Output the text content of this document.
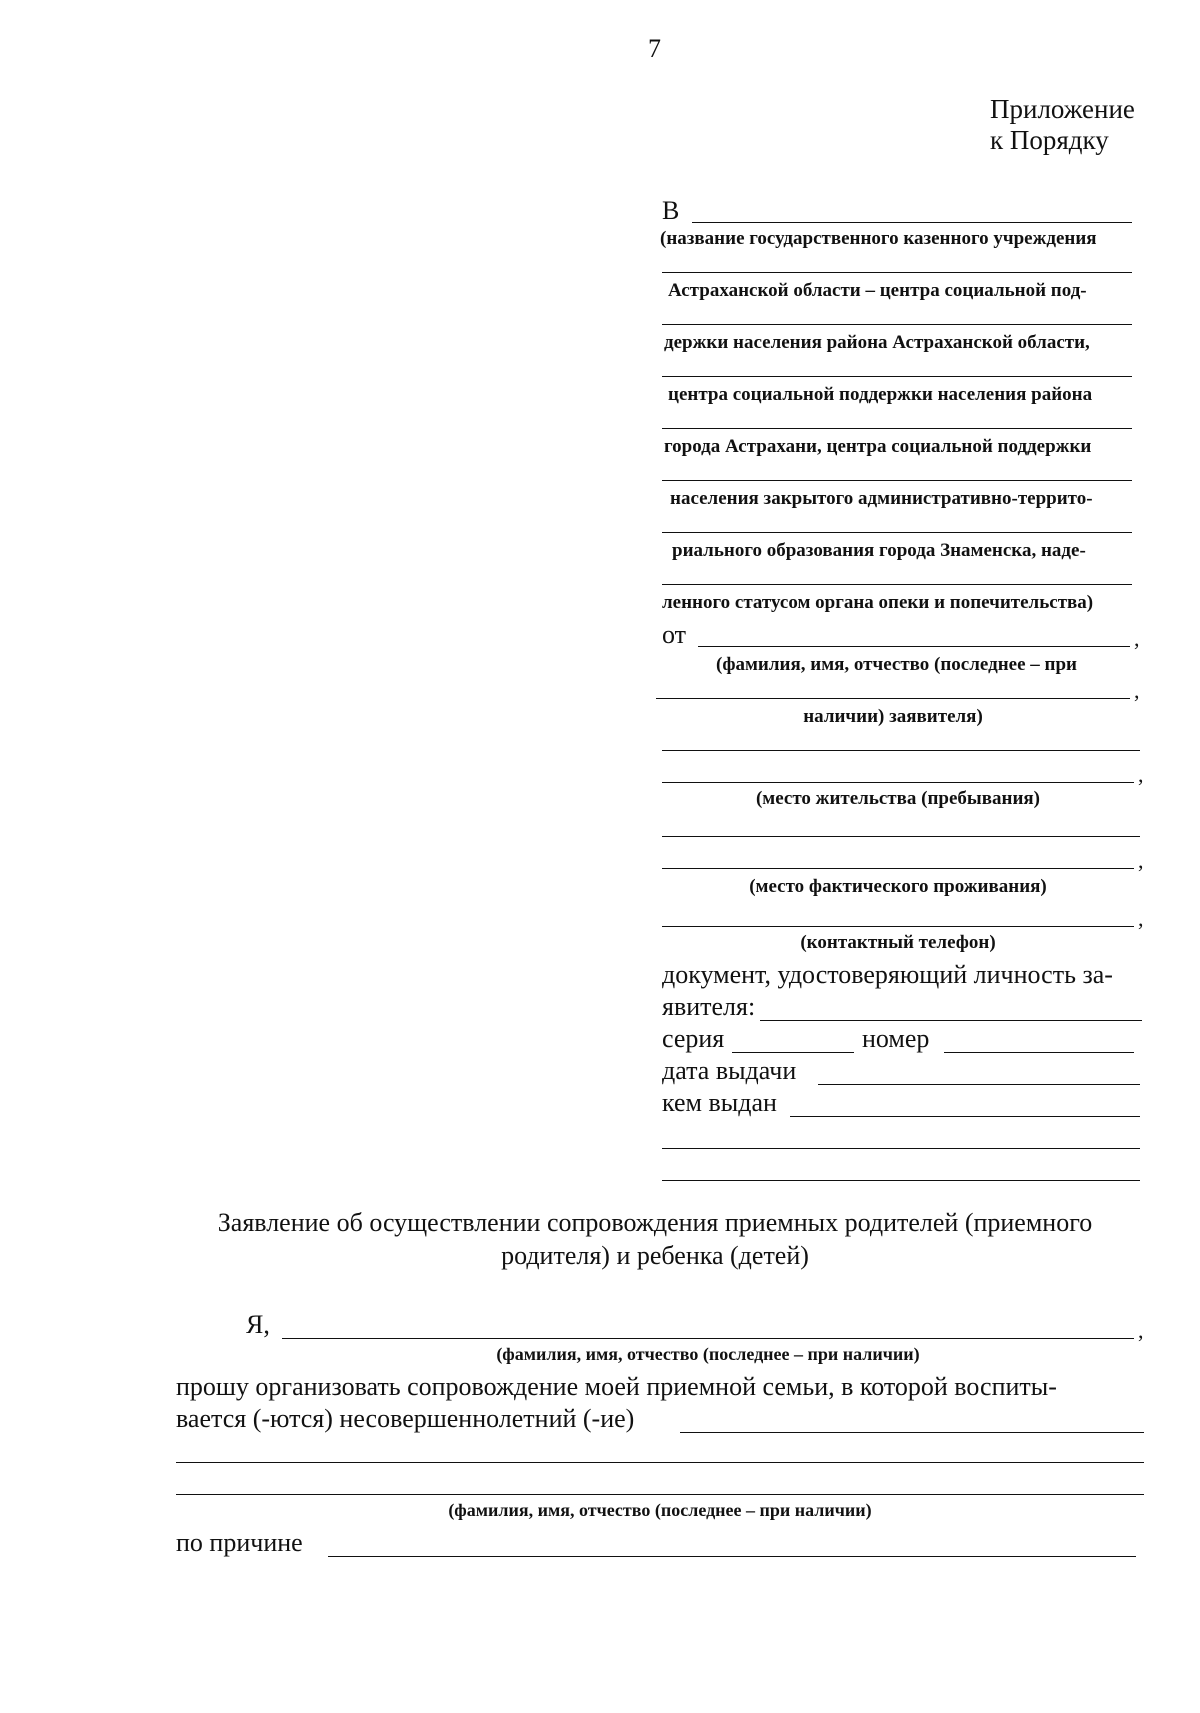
7
Приложение
к Порядку
В
(название государственного казенного учреждения
Астраханской области – центра социальной под-
держки населения района Астраханской области,
центра социальной поддержки населения района
города Астрахани, центра социальной поддержки
населения закрытого административно-террито-
риального образования города Знаменска, наде-
ленного статусом органа опеки и попечительства)
от	,
(фамилия, имя, отчество (последнее – при
,
наличии) заявителя)
,
(место жительства (пребывания)
,
(место фактического проживания)
,
(контактный телефон)
документ, удостоверяющий личность за-
явителя:
серия	номер
дата выдачи
кем выдан
Заявление об осуществлении сопровождения приемных родителей (приемного
родителя) и ребенка (детей)
Я,	,
(фамилия, имя, отчество (последнее – при наличии)
прошу организовать сопровождение моей приемной семьи, в которой воспиты-
вается (-ются) несовершеннолетний (-ие)
(фамилия, имя, отчество (последнее – при наличии)
по причине
